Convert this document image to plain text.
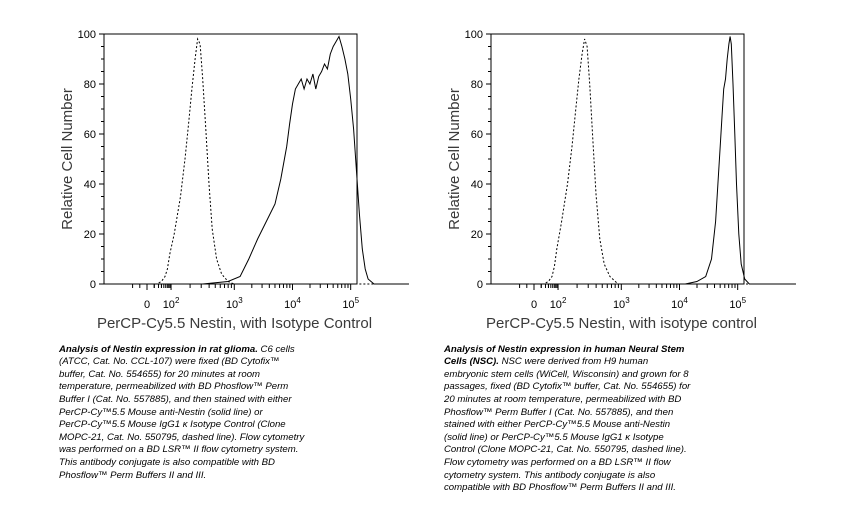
0
20
40
60
80
100
0 $10^2$	$10^3$	$10^4$	$10^5$
PerCP-Cy5.5 Nestin, with Isotype Control
Relative Cell Number

Analysis of Nestin expression in rat glioma. C6 cells
(ATCC, Cat. No. CCL-107) were fixed (BD Cytofix™
buffer, Cat. No. 554655) for 20 minutes at room
temperature, permeabilized with BD Phosflow™ Perm
Buffer I (Cat. No. 557885), and then stained with either
PerCP-Cy™5.5 Mouse anti-Nestin (solid line) or
PerCP-Cy™5.5 Mouse IgG1 κ Isotype Control (Clone
MOPC-21, Cat. No. 550795, dashed line). Flow cytometry
was performed on a BD LSR™ II flow cytometry system.
This antibody conjugate is also compatible with BD
Phosflow™ Perm Buffers II and III.

0
20
40
60
80
100
0 $10^2$	$10^3$	$10^4$	$10^5$
PerCP-Cy5.5 Nestin, with isotype control
Relative Cell Number

Analysis of Nestin expression in human Neural Stem
Cells (NSC). NSC were derived from H9 human
embryonic stem cells (WiCell, Wisconsin) and grown for 8
passages, fixed (BD Cytofix™ buffer, Cat. No. 554655) for
20 minutes at room temperature, permeabilized with BD
Phosflow™ Perm Buffer I (Cat. No. 557885), and then
stained with either PerCP-Cy™5.5 Mouse anti-Nestin
(solid line) or PerCP-Cy™5.5 Mouse IgG1 κ Isotype
Control (Clone MOPC-21, Cat. No. 550795, dashed line).
Flow cytometry was performed on a BD LSR™ II flow
cytometry system. This antibody conjugate is also
compatible with BD Phosflow™ Perm Buffers II and III.
